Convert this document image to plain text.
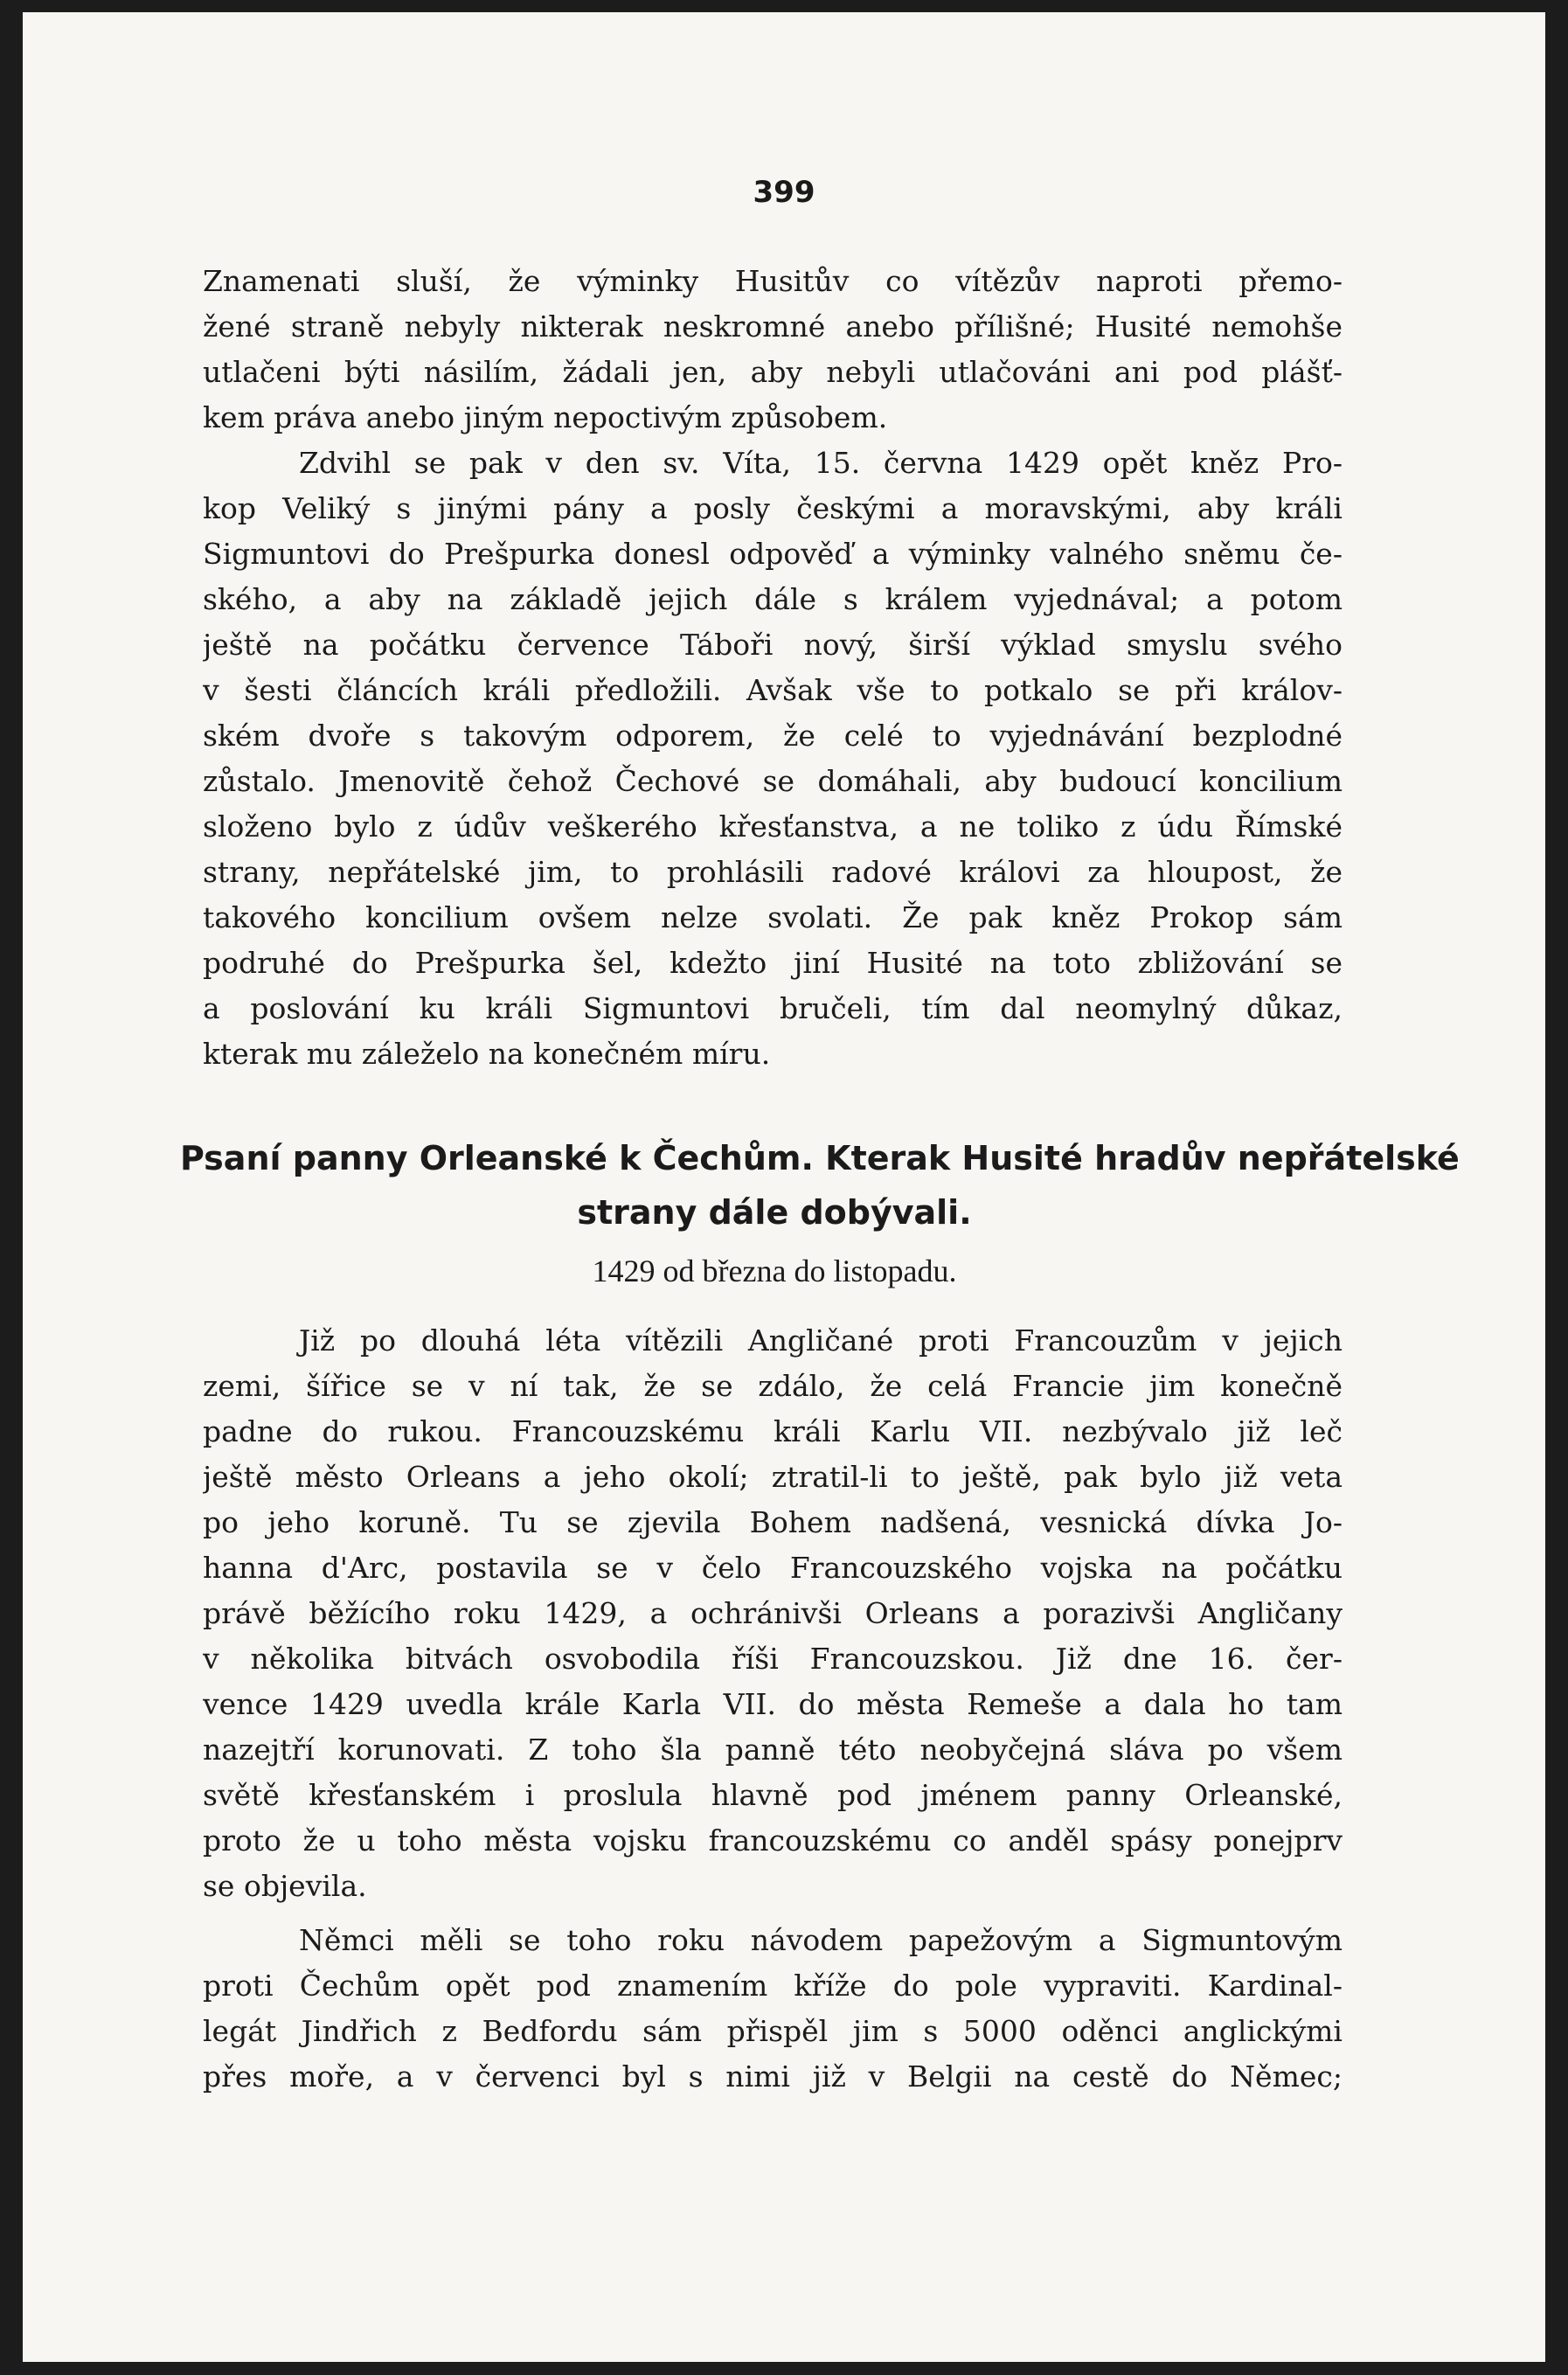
399
Znamenati sluší, že výminky Husitův co vítězův naproti přemo-
žené straně nebyly nikterak neskromné anebo přílišné; Husité nemohše
utlačeni býti násilím, žádali jen, aby nebyli utlačováni ani pod plášť-
kem práva anebo jiným nepoctivým způsobem.
Zdvihl se pak v den sv. Víta, 15. června 1429 opět kněz Pro-
kop Veliký s jinými pány a posly českými a moravskými, aby králi
Sigmuntovi do Prešpurka donesl odpověď a výminky valného sněmu če-
ského, a aby na základě jejich dále s králem vyjednával; a potom
ještě na počátku července Táboři nový, širší výklad smyslu svého
v šesti článcích králi předložili. Avšak vše to potkalo se při králov-
ském dvoře s takovým odporem, že celé to vyjednávání bezplodné
zůstalo. Jmenovitě čehož Čechové se domáhali, aby budoucí koncilium
složeno bylo z údův veškerého křesťanstva, a ne toliko z údu Římské
strany, nepřátelské jim, to prohlásili radové královi za hloupost, že
takového koncilium ovšem nelze svolati. Že pak kněz Prokop sám
podruhé do Prešpurka šel, kdežto jiní Husité na toto zbližování se
a poslování ku králi Sigmuntovi bručeli, tím dal neomylný důkaz,
kterak mu záleželo na konečném míru.
Psaní panny Orleanské k Čechům. Kterak Husité hradův nepřátelské
strany dále dobývali.
1429 od března do listopadu.
Již po dlouhá léta vítězili Angličané proti Francouzům v jejich
zemi, šířice se v ní tak, že se zdálo, že celá Francie jim konečně
padne do rukou. Francouzskému králi Karlu VII. nezbývalo již leč
ještě město Orleans a jeho okolí; ztratil-li to ještě, pak bylo již veta
po jeho koruně. Tu se zjevila Bohem nadšená, vesnická dívka Jo-
hanna d'Arc, postavila se v čelo Francouzského vojska na počátku
právě běžícího roku 1429, a ochránivši Orleans a porazivši Angličany
v několika bitvách osvobodila říši Francouzskou. Již dne 16. čer-
vence 1429 uvedla krále Karla VII. do města Remeše a dala ho tam
nazejtří korunovati. Z toho šla panně této neobyčejná sláva po všem
světě křesťanském i proslula hlavně pod jménem panny Orleanské,
proto že u toho města vojsku francouzskému co anděl spásy ponejprv
se objevila.
Němci měli se toho roku návodem papežovým a Sigmuntovým
proti Čechům opět pod znamením kříže do pole vypraviti. Kardinal-
legát Jindřich z Bedfordu sám přispěl jim s 5000 oděnci anglickými
přes moře, a v červenci byl s nimi již v Belgii na cestě do Němec;
